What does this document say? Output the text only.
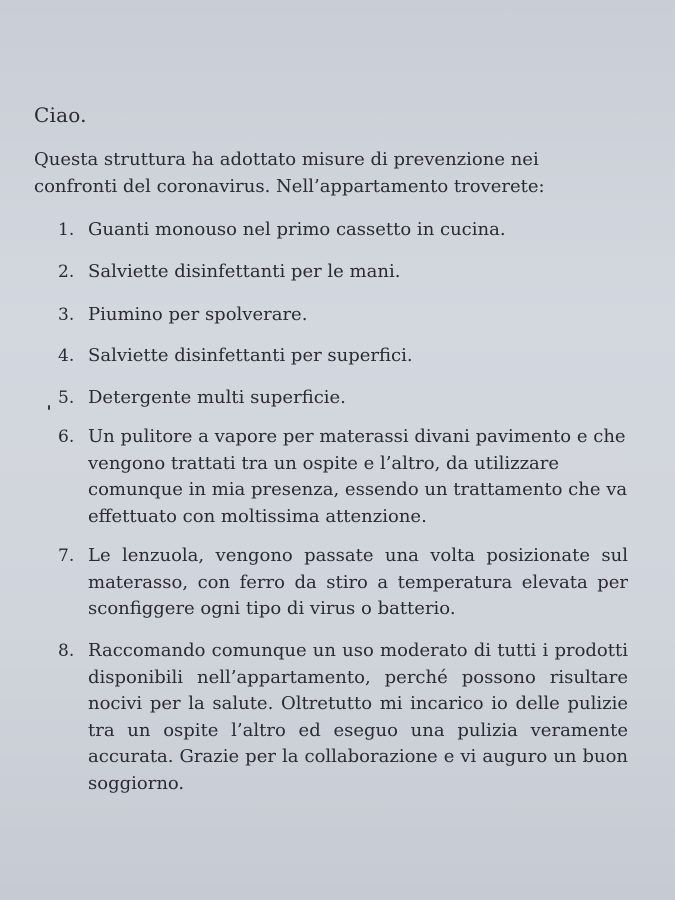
Ciao.
Questa struttura ha adottato misure di prevenzione nei confronti del coronavirus. Nell’appartamento troverete:
1. Guanti monouso nel primo cassetto in cucina.
2. Salviette disinfettanti per le mani.
3. Piumino per spolverare.
4. Salviette disinfettanti per superfici.
5. Detergente multi superficie.
6. Un pulitore a vapore per materassi divani pavimento e che vengono trattati tra un ospite e l’altro, da utilizzare comunque in mia presenza, essendo un trattamento che va effettuato con moltissima attenzione.
7. Le lenzuola, vengono passate una volta posizionate sul materasso, con ferro da stiro a temperatura elevata per sconfiggere ogni tipo di virus o batterio.
8. Raccomando comunque un uso moderato di tutti i prodotti disponibili nell’appartamento, perché possono risultare nocivi per la salute. Oltretutto mi incarico io delle pulizie tra un ospite l’altro ed eseguo una pulizia veramente accurata. Grazie per la collaborazione e vi auguro un buon soggiorno.
